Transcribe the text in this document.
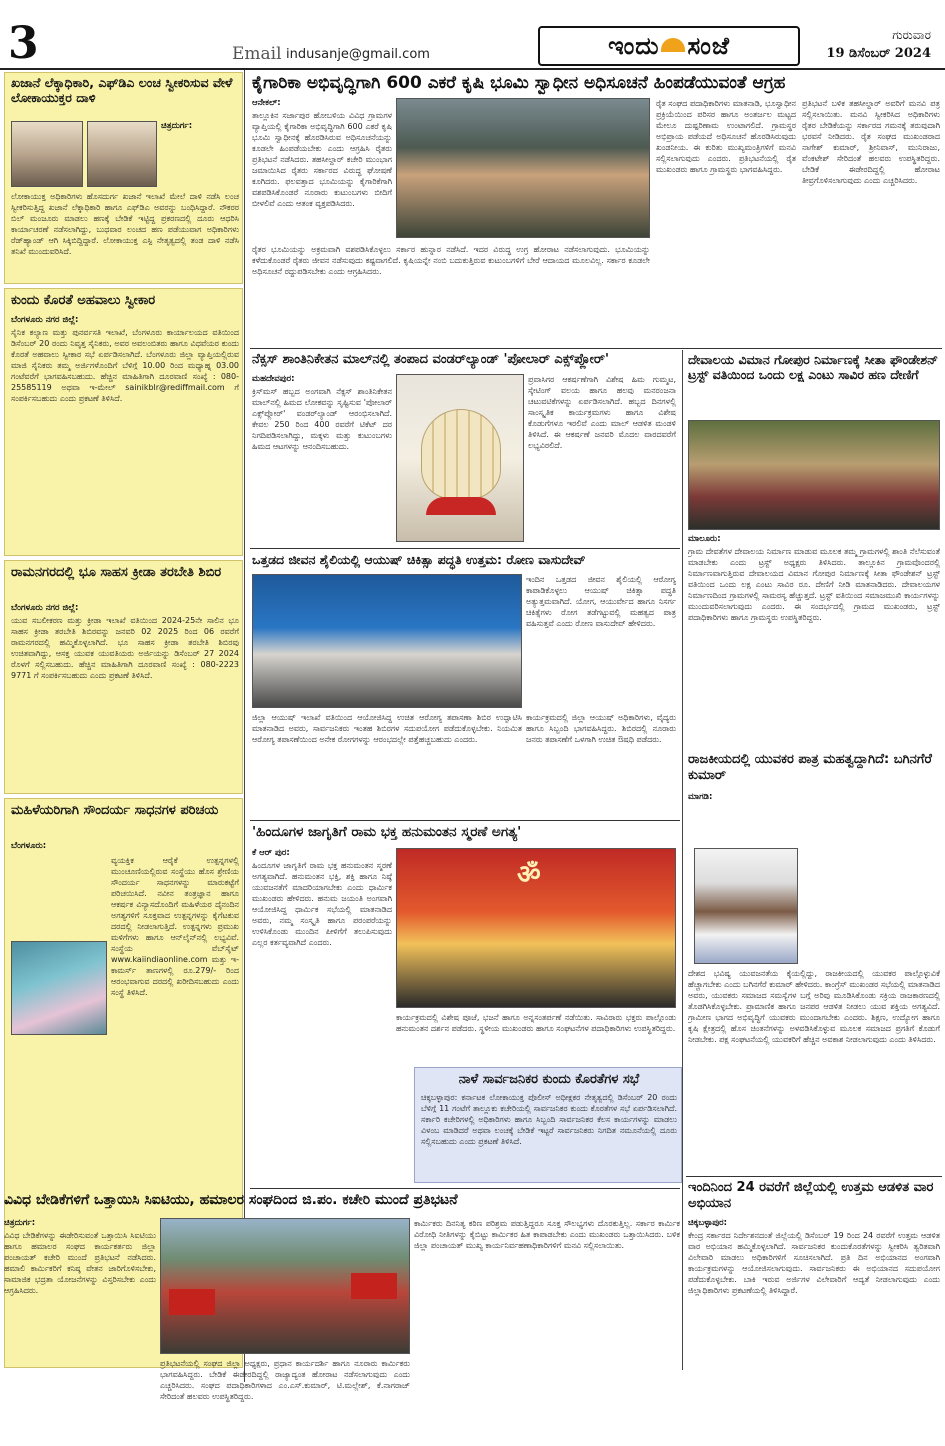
3	Email indusanje@gmail.com	ಇಂದು ಸಂಜೆ	ಗುರುವಾರ
19 ಡಿಸೆಂಬರ್ 2024
ಖಜಾನೆ ಲೆಕ್ಕಾಧಿಕಾರಿ, ಎಫ್‌ಡಿಎ ಲಂಚ ಸ್ವೀಕರಿಸುವ ವೇಳೆ ಲೋಕಾಯುಕ್ತರ ದಾಳಿ
ಚಿತ್ರದುರ್ಗ:
ಲೋಕಾಯುಕ್ತ ಅಧಿಕಾರಿಗಳು ಹೊಸದುರ್ಗ ಖಜಾನೆ ಇಲಾಖೆ ಮೇಲೆ ದಾಳಿ ನಡೆಸಿ ಲಂಚ ಸ್ವೀಕರಿಸುತ್ತಿದ್ದ ಖಜಾನೆ ಲೆಕ್ಕಾಧಿಕಾರಿ ಹಾಗೂ ಎಫ್‌ಡಿಎ ಅವರನ್ನು ಬಂಧಿಸಿದ್ದಾರೆ. ನೌಕರರ ಬಿಲ್ ಮಂಜೂರು ಮಾಡಲು ಹಣಕ್ಕೆ ಬೇಡಿಕೆ ಇಟ್ಟಿದ್ದ ಪ್ರಕರಣದಲ್ಲಿ ದೂರು ಆಧರಿಸಿ ಕಾರ್ಯಾಚರಣೆ ನಡೆಸಲಾಗಿದ್ದು, ಬುಧವಾರ ಲಂಚದ ಹಣ ಪಡೆಯುವಾಗ ಅಧಿಕಾರಿಗಳು ರೆಡ್‌ಹ್ಯಾಂಡ್ ಆಗಿ ಸಿಕ್ಕಿಬಿದ್ದಿದ್ದಾರೆ. ಲೋಕಾಯುಕ್ತ ಎಸ್ಪಿ ನೇತೃತ್ವದಲ್ಲಿ ತಂಡ ದಾಳಿ ನಡೆಸಿ ತನಿಖೆ ಮುಂದುವರಿಸಿದೆ.
ಕುಂದು ಕೊರತೆ ಅಹವಾಲು ಸ್ವೀಕಾರ
ಬೆಂಗಳೂರು ನಗರ ಜಿಲ್ಲೆ:
ಸೈನಿಕ ಕಲ್ಯಾಣ ಮತ್ತು ಪುನರ್ವಸತಿ ಇಲಾಖೆ, ಬೆಂಗಳೂರು ಕಾರ್ಯಾಲಯದ ವತಿಯಿಂದ ಡಿಸೆಂಬರ್ 20 ರಂದು ನಿವೃತ್ತ ಸೈನಿಕರು, ಅವರ ಅವಲಂಬಿತರು ಹಾಗೂ ವಿಧವೆಯರ ಕುಂದು ಕೊರತೆ ಅಹವಾಲು ಸ್ವೀಕಾರ ಸಭೆ ಏರ್ಪಡಿಸಲಾಗಿದೆ. ಬೆಂಗಳೂರು ಜಿಲ್ಲಾ ವ್ಯಾಪ್ತಿಯಲ್ಲಿರುವ ಮಾಜಿ ಸೈನಿಕರು ತಮ್ಮ ಅರ್ಜಿಗಳೊಂದಿಗೆ ಬೆಳಿಗ್ಗೆ 10.00 ರಿಂದ ಮಧ್ಯಾಹ್ನ 03.00 ಗಂಟೆವರೆಗೆ ಭಾಗವಹಿಸಬಹುದು. ಹೆಚ್ಚಿನ ಮಾಹಿತಿಗಾಗಿ ದೂರವಾಣಿ ಸಂಖ್ಯೆ : 080-25585119 ಅಥವಾ ಇ-ಮೇಲ್ sainikblr@rediffmail.com ಗೆ ಸಂಪರ್ಕಿಸಬಹುದು ಎಂದು ಪ್ರಕಟಣೆ ತಿಳಿಸಿದೆ.
ರಾಮನಗರದಲ್ಲಿ ಭೂ ಸಾಹಸ ಕ್ರೀಡಾ ತರಬೇತಿ ಶಿಬಿರ
ಬೆಂಗಳೂರು ನಗರ ಜಿಲ್ಲೆ:
ಯುವ ಸಬಲೀಕರಣ ಮತ್ತು ಕ್ರೀಡಾ ಇಲಾಖೆ ವತಿಯಿಂದ 2024-25ನೇ ಸಾಲಿನ ಭೂ ಸಾಹಸ ಕ್ರೀಡಾ ತರಬೇತಿ ಶಿಬಿರವನ್ನು ಜನವರಿ 02 2025 ರಿಂದ 06 ರವರೆಗೆ ರಾಮನಗರದಲ್ಲಿ ಹಮ್ಮಿಕೊಳ್ಳಲಾಗಿದೆ. ಭೂ ಸಾಹಸ ಕ್ರೀಡಾ ತರಬೇತಿ ಶಿಬಿರವು ಉಚಿತವಾಗಿದ್ದು, ಆಸಕ್ತ ಯುವಕ ಯುವತಿಯರು ಅರ್ಜಿಯನ್ನು ಡಿಸೆಂಬರ್ 27 2024 ರೊಳಗೆ ಸಲ್ಲಿಸಬಹುದು. ಹೆಚ್ಚಿನ ಮಾಹಿತಿಗಾಗಿ ದೂರವಾಣಿ ಸಂಖ್ಯೆ : 080-2223 9771 ಗೆ ಸಂಪರ್ಕಿಸಬಹುದು ಎಂದು ಪ್ರಕಟಣೆ ತಿಳಿಸಿದೆ.
ಮಹಿಳೆಯರಿಗಾಗಿ ಸೌಂದರ್ಯ ಸಾಧನಗಳ ಪರಿಚಯ
ಬೆಂಗಳೂರು:
ವ್ಯಯಕ್ತಿಕ ಆರೈಕೆ ಉತ್ಪನ್ನಗಳಲ್ಲಿ ಮುಂಚೂಣಿಯಲ್ಲಿರುವ ಸಂಸ್ಥೆಯು ಹೊಸ ಶ್ರೇಣಿಯ ಸೌಂದರ್ಯ ಸಾಧನಗಳನ್ನು ಮಾರುಕಟ್ಟೆಗೆ ಪರಿಚಯಿಸಿದೆ. ನವೀನ ತಂತ್ರಜ್ಞಾನ ಹಾಗೂ ಆಕರ್ಷಕ ವಿನ್ಯಾಸದೊಂದಿಗೆ ಮಹಿಳೆಯರ ದೈನಂದಿನ ಅಗತ್ಯಗಳಿಗೆ ಸೂಕ್ತವಾದ ಉತ್ಪನ್ನಗಳನ್ನು ಕೈಗೆಟಕುವ ದರದಲ್ಲಿ ನೀಡಲಾಗುತ್ತಿದೆ. ಉತ್ಪನ್ನಗಳು ಪ್ರಮುಖ ಮಳಿಗೆಗಳು ಹಾಗೂ ಆನ್‌ಲೈನ್‌ನಲ್ಲಿ ಲಭ್ಯವಿವೆ. ಸಂಸ್ಥೆಯ ವೆಬ್‌ಸೈಟ್ www.kaiindiaonline.com ಮತ್ತು ಇ-ಕಾಮರ್ಸ್ ತಾಣಗಳಲ್ಲಿ ರೂ.279/- ರಿಂದ ಆರಂಭವಾಗುವ ದರದಲ್ಲಿ ಖರೀದಿಸಬಹುದು ಎಂದು ಸಂಸ್ಥೆ ತಿಳಿಸಿದೆ.
ಕೈಗಾರಿಕಾ ಅಭಿವೃದ್ಧಿಗಾಗಿ 600 ಎಕರೆ ಕೃಷಿ ಭೂಮಿ ಸ್ವಾಧೀನ ಅಧಿಸೂಚನೆ ಹಿಂಪಡೆಯುವಂತೆ ಆಗ್ರಹ
ಆನೇಕಲ್:
ತಾಲ್ಲೂಕಿನ ಸರ್ಜಾಪುರ ಹೋಬಳಿಯ ವಿವಿಧ ಗ್ರಾಮಗಳ ವ್ಯಾಪ್ತಿಯಲ್ಲಿ ಕೈಗಾರಿಕಾ ಅಭಿವೃದ್ಧಿಗಾಗಿ 600 ಎಕರೆ ಕೃಷಿ ಭೂಮಿ ಸ್ವಾಧೀನಕ್ಕೆ ಹೊರಡಿಸಿರುವ ಅಧಿಸೂಚನೆಯನ್ನು ಕೂಡಲೇ ಹಿಂಪಡೆಯಬೇಕು ಎಂದು ಆಗ್ರಹಿಸಿ ರೈತರು ಪ್ರತಿಭಟನೆ ನಡೆಸಿದರು. ತಹಸೀಲ್ದಾರ್ ಕಚೇರಿ ಮುಂಭಾಗ ಜಮಾಯಿಸಿದ ರೈತರು ಸರ್ಕಾರದ ವಿರುದ್ಧ ಘೋಷಣೆ ಕೂಗಿದರು. ಫಲವತ್ತಾದ ಭೂಮಿಯನ್ನು ಕೈಗಾರಿಕೆಗಾಗಿ ವಶಪಡಿಸಿಕೊಂಡರೆ ನೂರಾರು ಕುಟುಂಬಗಳು ಬೀದಿಗೆ ಬೀಳಲಿವೆ ಎಂದು ಆತಂಕ ವ್ಯಕ್ತಪಡಿಸಿದರು.
ರೈತರ ಭೂಮಿಯನ್ನು ಅಕ್ರಮವಾಗಿ ವಶಪಡಿಸಿಕೊಳ್ಳಲು ಸರ್ಕಾರ ಹುನ್ನಾರ ನಡೆಸಿದೆ. ಇದರ ವಿರುದ್ಧ ಉಗ್ರ ಹೋರಾಟ ನಡೆಸಲಾಗುವುದು. ಭೂಮಿಯನ್ನು ಕಳೆದುಕೊಂಡರೆ ರೈತರು ಜೀವನ ನಡೆಸುವುದು ಕಷ್ಟವಾಗಲಿದೆ. ಕೃಷಿಯನ್ನೇ ನಂಬಿ ಬದುಕುತ್ತಿರುವ ಕುಟುಂಬಗಳಿಗೆ ಬೇರೆ ಆದಾಯದ ಮೂಲವಿಲ್ಲ. ಸರ್ಕಾರ ಕೂಡಲೇ ಅಧಿಸೂಚನೆ ರದ್ದುಪಡಿಸಬೇಕು ಎಂದು ಆಗ್ರಹಿಸಿದರು.
ರೈತ ಸಂಘದ ಪದಾಧಿಕಾರಿಗಳು ಮಾತನಾಡಿ, ಭೂಸ್ವಾಧೀನ ಪ್ರಕ್ರಿಯೆಯಿಂದ ಪರಿಸರ ಹಾಗೂ ಅಂತರ್ಜಲ ಮಟ್ಟದ ಮೇಲೂ ದುಷ್ಪರಿಣಾಮ ಉಂಟಾಗಲಿದೆ. ಗ್ರಾಮಸ್ಥರ ಅಭಿಪ್ರಾಯ ಪಡೆಯದೆ ಅಧಿಸೂಚನೆ ಹೊರಡಿಸಿರುವುದು ಖಂಡನೀಯ. ಈ ಕುರಿತು ಮುಖ್ಯಮಂತ್ರಿಗಳಿಗೆ ಮನವಿ ಸಲ್ಲಿಸಲಾಗುವುದು ಎಂದರು. ಪ್ರತಿಭಟನೆಯಲ್ಲಿ ರೈತ ಮುಖಂಡರು ಹಾಗೂ ಗ್ರಾಮಸ್ಥರು ಭಾಗವಹಿಸಿದ್ದರು.
ಪ್ರತಿಭಟನೆ ಬಳಿಕ ತಹಸೀಲ್ದಾರ್ ಅವರಿಗೆ ಮನವಿ ಪತ್ರ ಸಲ್ಲಿಸಲಾಯಿತು. ಮನವಿ ಸ್ವೀಕರಿಸಿದ ಅಧಿಕಾರಿಗಳು ರೈತರ ಬೇಡಿಕೆಯನ್ನು ಸರ್ಕಾರದ ಗಮನಕ್ಕೆ ತರುವುದಾಗಿ ಭರವಸೆ ನೀಡಿದರು. ರೈತ ಸಂಘದ ಮುಖಂಡರಾದ ನಾಗೇಶ್ ಕುಮಾರ್, ಶ್ರೀನಿವಾಸ್, ಮುನಿರಾಜು, ವೆಂಕಟೇಶ್ ಸೇರಿದಂತೆ ಹಲವರು ಉಪಸ್ಥಿತರಿದ್ದರು. ಬೇಡಿಕೆ ಈಡೇರದಿದ್ದಲ್ಲಿ ಹೋರಾಟ ತೀವ್ರಗೊಳಿಸಲಾಗುವುದು ಎಂದು ಎಚ್ಚರಿಸಿದರು.
ನೆಕ್ಸಸ್ ಶಾಂತಿನಿಕೇತನ ಮಾಲ್‌ನಲ್ಲಿ ತಂಪಾದ ವಂಡರ್‌ಲ್ಯಾಂಡ್ 'ಪೋಲಾರ್ ಎಕ್ಸ್‌ಪ್ಲೋರ್'
ಮಹದೇವಪುರ:
ಕ್ರಿಸ್‌ಮಸ್ ಹಬ್ಬದ ಅಂಗವಾಗಿ ನೆಕ್ಸಸ್ ಶಾಂತಿನಿಕೇತನ ಮಾಲ್‌ನಲ್ಲಿ ಹಿಮದ ಲೋಕವನ್ನು ಸೃಷ್ಟಿಸುವ 'ಪೋಲಾರ್ ಎಕ್ಸ್‌ಪ್ಲೋರ್' ವಂಡರ್‌ಲ್ಯಾಂಡ್ ಆರಂಭಿಸಲಾಗಿದೆ. ಕೇವಲ 250 ರಿಂದ 400 ರವರೆಗೆ ಟಿಕೆಟ್ ದರ ನಿಗದಿಪಡಿಸಲಾಗಿದ್ದು, ಮಕ್ಕಳು ಮತ್ತು ಕುಟುಂಬಗಳು ಹಿಮದ ಆಟಗಳನ್ನು ಆನಂದಿಸಬಹುದು.
ಪ್ರವಾಸಿಗರ ಆಕರ್ಷಣೆಗಾಗಿ ವಿಶೇಷ ಹಿಮ ಗುಮ್ಮಟ, ಸ್ಕೇಟಿಂಗ್ ವಲಯ ಹಾಗೂ ಹಲವು ಮನರಂಜನಾ ಚಟುವಟಿಕೆಗಳನ್ನು ಏರ್ಪಡಿಸಲಾಗಿದೆ. ಹಬ್ಬದ ದಿನಗಳಲ್ಲಿ ಸಾಂಸ್ಕೃತಿಕ ಕಾರ್ಯಕ್ರಮಗಳು ಹಾಗೂ ವಿಶೇಷ ಕೊಡುಗೆಗಳೂ ಇರಲಿವೆ ಎಂದು ಮಾಲ್ ಆಡಳಿತ ಮಂಡಳಿ ತಿಳಿಸಿದೆ. ಈ ಆಕರ್ಷಣೆ ಜನವರಿ ಮೊದಲ ವಾರದವರೆಗೆ ಲಭ್ಯವಿರಲಿದೆ.
ದೇವಾಲಯ ವಿಮಾನ ಗೋಪುರ ನಿರ್ಮಾಣಕ್ಕೆ ಸೀತಾ ಫೌಂಡೇಶನ್ ಟ್ರಸ್ಟ್ ವತಿಯಿಂದ ಒಂದು ಲಕ್ಷ ಎಂಟು ಸಾವಿರ ಹಣ ದೇಣಿಗೆ
ಮಾಲೂರು:
ಗ್ರಾಮ ದೇವತೆಗಳ ದೇವಾಲಯ ನಿರ್ಮಾಣ ಮಾಡುವ ಮೂಲಕ ತಮ್ಮ ಗ್ರಾಮಗಳಲ್ಲಿ ಶಾಂತಿ ನೆಲೆಸುವಂತೆ ಮಾಡಬೇಕು ಎಂದು ಟ್ರಸ್ಟ್ ಅಧ್ಯಕ್ಷರು ತಿಳಿಸಿದರು. ತಾಲ್ಲೂಕಿನ ಗ್ರಾಮವೊಂದರಲ್ಲಿ ನಿರ್ಮಾಣವಾಗುತ್ತಿರುವ ದೇವಾಲಯದ ವಿಮಾನ ಗೋಪುರ ನಿರ್ಮಾಣಕ್ಕೆ ಸೀತಾ ಫೌಂಡೇಶನ್ ಟ್ರಸ್ಟ್ ವತಿಯಿಂದ ಒಂದು ಲಕ್ಷ ಎಂಟು ಸಾವಿರ ರೂ. ದೇಣಿಗೆ ನೀಡಿ ಮಾತನಾಡಿದರು. ದೇವಾಲಯಗಳ ನಿರ್ಮಾಣದಿಂದ ಗ್ರಾಮಗಳಲ್ಲಿ ಸಾಮರಸ್ಯ ಹೆಚ್ಚುತ್ತದೆ. ಟ್ರಸ್ಟ್ ವತಿಯಿಂದ ಸಮಾಜಮುಖಿ ಕಾರ್ಯಗಳನ್ನು ಮುಂದುವರಿಸಲಾಗುವುದು ಎಂದರು. ಈ ಸಂದರ್ಭದಲ್ಲಿ ಗ್ರಾಮದ ಮುಖಂಡರು, ಟ್ರಸ್ಟ್ ಪದಾಧಿಕಾರಿಗಳು ಹಾಗೂ ಗ್ರಾಮಸ್ಥರು ಉಪಸ್ಥಿತರಿದ್ದರು.
ಒತ್ತಡದ ಜೀವನ ಶೈಲಿಯಲ್ಲಿ ಆಯುಷ್ ಚಿಕಿತ್ಸಾ ಪದ್ಧತಿ ಉತ್ತಮ: ರೋಣ ವಾಸುದೇವ್
ಇಂದಿನ ಒತ್ತಡದ ಜೀವನ ಶೈಲಿಯಲ್ಲಿ ಆರೋಗ್ಯ ಕಾಪಾಡಿಕೊಳ್ಳಲು ಆಯುಷ್ ಚಿಕಿತ್ಸಾ ಪದ್ಧತಿ ಅತ್ಯುತ್ತಮವಾಗಿದೆ. ಯೋಗ, ಆಯುರ್ವೇದ ಹಾಗೂ ನಿಸರ್ಗ ಚಿಕಿತ್ಸೆಗಳು ರೋಗ ತಡೆಗಟ್ಟುವಲ್ಲಿ ಮಹತ್ವದ ಪಾತ್ರ ವಹಿಸುತ್ತವೆ ಎಂದು ರೋಣ ವಾಸುದೇವ್ ಹೇಳಿದರು.
ಜಿಲ್ಲಾ ಆಯುಷ್ ಇಲಾಖೆ ವತಿಯಿಂದ ಆಯೋಜಿಸಿದ್ದ ಉಚಿತ ಆರೋಗ್ಯ ತಪಾಸಣಾ ಶಿಬಿರ ಉದ್ಘಾಟಿಸಿ ಮಾತನಾಡಿದ ಅವರು, ಸಾರ್ವಜನಿಕರು ಇಂತಹ ಶಿಬಿರಗಳ ಸದುಪಯೋಗ ಪಡೆದುಕೊಳ್ಳಬೇಕು. ನಿಯಮಿತ ಆರೋಗ್ಯ ತಪಾಸಣೆಯಿಂದ ಅನೇಕ ರೋಗಗಳನ್ನು ಆರಂಭದಲ್ಲೇ ಪತ್ತೆಹಚ್ಚಬಹುದು ಎಂದರು.
ಕಾರ್ಯಕ್ರಮದಲ್ಲಿ ಜಿಲ್ಲಾ ಆಯುಷ್ ಅಧಿಕಾರಿಗಳು, ವೈದ್ಯರು ಹಾಗೂ ಸಿಬ್ಬಂದಿ ಭಾಗವಹಿಸಿದ್ದರು. ಶಿಬಿರದಲ್ಲಿ ನೂರಾರು ಜನರು ತಪಾಸಣೆಗೆ ಒಳಗಾಗಿ ಉಚಿತ ಔಷಧಿ ಪಡೆದರು.
'ಹಿಂದೂಗಳ ಜಾಗೃತಿಗೆ ರಾಮ ಭಕ್ತ ಹನುಮಂತನ ಸ್ಮರಣೆ ಅಗತ್ಯ'
ಕೆ ಆರ್ ಪುರ:
ಹಿಂದೂಗಳ ಜಾಗೃತಿಗೆ ರಾಮ ಭಕ್ತ ಹನುಮಂತನ ಸ್ಮರಣೆ ಅಗತ್ಯವಾಗಿದೆ. ಹನುಮಂತನ ಭಕ್ತಿ, ಶಕ್ತಿ ಹಾಗೂ ನಿಷ್ಠೆ ಯುವಜನತೆಗೆ ಮಾದರಿಯಾಗಬೇಕು ಎಂದು ಧಾರ್ಮಿಕ ಮುಖಂಡರು ಹೇಳಿದರು. ಹನುಮ ಜಯಂತಿ ಅಂಗವಾಗಿ ಆಯೋಜಿಸಿದ್ದ ಧಾರ್ಮಿಕ ಸಭೆಯಲ್ಲಿ ಮಾತನಾಡಿದ ಅವರು, ನಮ್ಮ ಸಂಸ್ಕೃತಿ ಹಾಗೂ ಪರಂಪರೆಯನ್ನು ಉಳಿಸಿಕೊಂಡು ಮುಂದಿನ ಪೀಳಿಗೆಗೆ ತಲುಪಿಸುವುದು ಎಲ್ಲರ ಕರ್ತವ್ಯವಾಗಿದೆ ಎಂದರು.
ॐ
ಕಾರ್ಯಕ್ರಮದಲ್ಲಿ ವಿಶೇಷ ಪೂಜೆ, ಭಜನೆ ಹಾಗೂ ಅನ್ನಸಂತರ್ಪಣೆ ನಡೆಯಿತು. ಸಾವಿರಾರು ಭಕ್ತರು ಪಾಲ್ಗೊಂಡು ಹನುಮಂತನ ದರ್ಶನ ಪಡೆದರು. ಸ್ಥಳೀಯ ಮುಖಂಡರು ಹಾಗೂ ಸಂಘಟನೆಗಳ ಪದಾಧಿಕಾರಿಗಳು ಉಪಸ್ಥಿತರಿದ್ದರು.
ನಾಳೆ ಸಾರ್ವಜನಿಕರ ಕುಂದು ಕೊರತೆಗಳ ಸಭೆ
ಚಿಕ್ಕಬಳ್ಳಾಪುರ: ಕರ್ನಾಟಕ ಲೋಕಾಯುಕ್ತ ಪೊಲೀಸ್ ಅಧೀಕ್ಷಕರ ನೇತೃತ್ವದಲ್ಲಿ ಡಿಸೆಂಬರ್ 20 ರಂದು ಬೆಳಿಗ್ಗೆ 11 ಗಂಟೆಗೆ ತಾಲ್ಲೂಕು ಕಚೇರಿಯಲ್ಲಿ ಸಾರ್ವಜನಿಕರ ಕುಂದು ಕೊರತೆಗಳ ಸಭೆ ಏರ್ಪಡಿಸಲಾಗಿದೆ. ಸರ್ಕಾರಿ ಕಚೇರಿಗಳಲ್ಲಿ ಅಧಿಕಾರಿಗಳು ಹಾಗೂ ಸಿಬ್ಬಂದಿ ಸಾರ್ವಜನಿಕರ ಕೆಲಸ ಕಾರ್ಯಗಳನ್ನು ಮಾಡಲು ವಿಳಂಬ ಮಾಡಿದರೆ ಅಥವಾ ಲಂಚಕ್ಕೆ ಬೇಡಿಕೆ ಇಟ್ಟರೆ ಸಾರ್ವಜನಿಕರು ನಿಗದಿತ ನಮೂನೆಯಲ್ಲಿ ದೂರು ಸಲ್ಲಿಸಬಹುದು ಎಂದು ಪ್ರಕಟಣೆ ತಿಳಿಸಿದೆ.
ರಾಜಕೀಯದಲ್ಲಿ ಯುವಕರ ಪಾತ್ರ ಮಹತ್ವದ್ದಾಗಿದೆ: ಬಗಿನಗೆರೆ ಕುಮಾರ್
ಮಾಗಡಿ:
ದೇಶದ ಭವಿಷ್ಯ ಯುವಜನತೆಯ ಕೈಯಲ್ಲಿದ್ದು, ರಾಜಕೀಯದಲ್ಲಿ ಯುವಕರ ಪಾಲ್ಗೊಳ್ಳುವಿಕೆ ಹೆಚ್ಚಾಗಬೇಕು ಎಂದು ಬಗಿನಗೆರೆ ಕುಮಾರ್ ಹೇಳಿದರು. ಕಾಂಗ್ರೆಸ್ ಮುಖಂಡರ ಸಭೆಯಲ್ಲಿ ಮಾತನಾಡಿದ ಅವರು, ಯುವಕರು ಸಮಾಜದ ಸಮಸ್ಯೆಗಳ ಬಗ್ಗೆ ಅರಿವು ಮೂಡಿಸಿಕೊಂಡು ಸಕ್ರಿಯ ರಾಜಕಾರಣದಲ್ಲಿ ತೊಡಗಿಸಿಕೊಳ್ಳಬೇಕು. ಪ್ರಾಮಾಣಿಕ ಹಾಗೂ ಜನಪರ ಆಡಳಿತ ನೀಡಲು ಯುವ ಶಕ್ತಿಯ ಅಗತ್ಯವಿದೆ. ಗ್ರಾಮೀಣ ಭಾಗದ ಅಭಿವೃದ್ಧಿಗೆ ಯುವಕರು ಮುಂದಾಗಬೇಕು ಎಂದರು. ಶಿಕ್ಷಣ, ಉದ್ಯೋಗ ಹಾಗೂ ಕೃಷಿ ಕ್ಷೇತ್ರದಲ್ಲಿ ಹೊಸ ಚಿಂತನೆಗಳನ್ನು ಅಳವಡಿಸಿಕೊಳ್ಳುವ ಮೂಲಕ ಸಮಾಜದ ಪ್ರಗತಿಗೆ ಕೊಡುಗೆ ನೀಡಬೇಕು. ಪಕ್ಷ ಸಂಘಟನೆಯಲ್ಲಿ ಯುವಕರಿಗೆ ಹೆಚ್ಚಿನ ಅವಕಾಶ ನೀಡಲಾಗುವುದು ಎಂದು ತಿಳಿಸಿದರು.
ವಿವಿಧ ಬೇಡಿಕೆಗಳಿಗೆ ಒತ್ತಾಯಿಸಿ ಸಿಐಟಿಯು, ಹಮಾಲರ ಸಂಘದಿಂದ ಜಿ.ಪಂ. ಕಚೇರಿ ಮುಂದೆ ಪ್ರತಿಭಟನೆ
ಚಿತ್ರದುರ್ಗ:
ವಿವಿಧ ಬೇಡಿಕೆಗಳನ್ನು ಈಡೇರಿಸುವಂತೆ ಒತ್ತಾಯಿಸಿ ಸಿಐಟಿಯು ಹಾಗೂ ಹಮಾಲರ ಸಂಘದ ಕಾರ್ಯಕರ್ತರು ಜಿಲ್ಲಾ ಪಂಚಾಯತ್ ಕಚೇರಿ ಮುಂದೆ ಪ್ರತಿಭಟನೆ ನಡೆಸಿದರು. ಹಮಾಲಿ ಕಾರ್ಮಿಕರಿಗೆ ಕನಿಷ್ಠ ವೇತನ ಜಾರಿಗೊಳಿಸಬೇಕು, ಸಾಮಾಜಿಕ ಭದ್ರತಾ ಯೋಜನೆಗಳನ್ನು ವಿಸ್ತರಿಸಬೇಕು ಎಂದು ಆಗ್ರಹಿಸಿದರು.
ಕಾರ್ಮಿಕರು ದಿನನಿತ್ಯ ಕಠಿಣ ಪರಿಶ್ರಮ ಪಡುತ್ತಿದ್ದರೂ ಸೂಕ್ತ ಸೌಲಭ್ಯಗಳು ದೊರಕುತ್ತಿಲ್ಲ. ಸರ್ಕಾರ ಕಾರ್ಮಿಕ ವಿರೋಧಿ ನೀತಿಗಳನ್ನು ಕೈಬಿಟ್ಟು ಕಾರ್ಮಿಕರ ಹಿತ ಕಾಪಾಡಬೇಕು ಎಂದು ಮುಖಂಡರು ಒತ್ತಾಯಿಸಿದರು. ಬಳಿಕ ಜಿಲ್ಲಾ ಪಂಚಾಯತ್ ಮುಖ್ಯ ಕಾರ್ಯನಿರ್ವಹಣಾಧಿಕಾರಿಗಳಿಗೆ ಮನವಿ ಸಲ್ಲಿಸಲಾಯಿತು.
ಪ್ರತಿಭಟನೆಯಲ್ಲಿ ಸಂಘದ ಜಿಲ್ಲಾ ಅಧ್ಯಕ್ಷರು, ಪ್ರಧಾನ ಕಾರ್ಯದರ್ಶಿ ಹಾಗೂ ನೂರಾರು ಕಾರ್ಮಿಕರು ಭಾಗವಹಿಸಿದ್ದರು. ಬೇಡಿಕೆ ಈಡೇರದಿದ್ದಲ್ಲಿ ರಾಜ್ಯಾದ್ಯಂತ ಹೋರಾಟ ನಡೆಸಲಾಗುವುದು ಎಂದು ಎಚ್ಚರಿಸಿದರು. ಸಂಘದ ಪದಾಧಿಕಾರಿಗಳಾದ ಎಂ.ಎಸ್.ಕುಮಾರ್, ಟಿ.ಮಲ್ಲೇಶ್, ಕೆ.ನಾಗರಾಜ್ ಸೇರಿದಂತೆ ಹಲವರು ಉಪಸ್ಥಿತರಿದ್ದರು.
ಇಂದಿನಿಂದ 24 ರವರೆಗೆ ಜಿಲ್ಲೆಯಲ್ಲಿ ಉತ್ತಮ ಆಡಳಿತ ವಾರ ಅಭಿಯಾನ
ಚಿಕ್ಕಬಳ್ಳಾಪುರ:
ಕೇಂದ್ರ ಸರ್ಕಾರದ ನಿರ್ದೇಶನದಂತೆ ಜಿಲ್ಲೆಯಲ್ಲಿ ಡಿಸೆಂಬರ್ 19 ರಿಂದ 24 ರವರೆಗೆ ಉತ್ತಮ ಆಡಳಿತ ವಾರ ಅಭಿಯಾನ ಹಮ್ಮಿಕೊಳ್ಳಲಾಗಿದೆ. ಸಾರ್ವಜನಿಕರ ಕುಂದುಕೊರತೆಗಳನ್ನು ಸ್ವೀಕರಿಸಿ ತ್ವರಿತವಾಗಿ ವಿಲೇವಾರಿ ಮಾಡಲು ಅಧಿಕಾರಿಗಳಿಗೆ ಸೂಚಿಸಲಾಗಿದೆ. ಪ್ರತಿ ದಿನ ಅಭಿಯಾನದ ಅಂಗವಾಗಿ ಕಾರ್ಯಕ್ರಮಗಳನ್ನು ಆಯೋಜಿಸಲಾಗುವುದು. ಸಾರ್ವಜನಿಕರು ಈ ಅಭಿಯಾನದ ಸದುಪಯೋಗ ಪಡೆದುಕೊಳ್ಳಬೇಕು. ಬಾಕಿ ಇರುವ ಅರ್ಜಿಗಳ ವಿಲೇವಾರಿಗೆ ಆದ್ಯತೆ ನೀಡಲಾಗುವುದು ಎಂದು ಜಿಲ್ಲಾಧಿಕಾರಿಗಳು ಪ್ರಕಟಣೆಯಲ್ಲಿ ತಿಳಿಸಿದ್ದಾರೆ.
